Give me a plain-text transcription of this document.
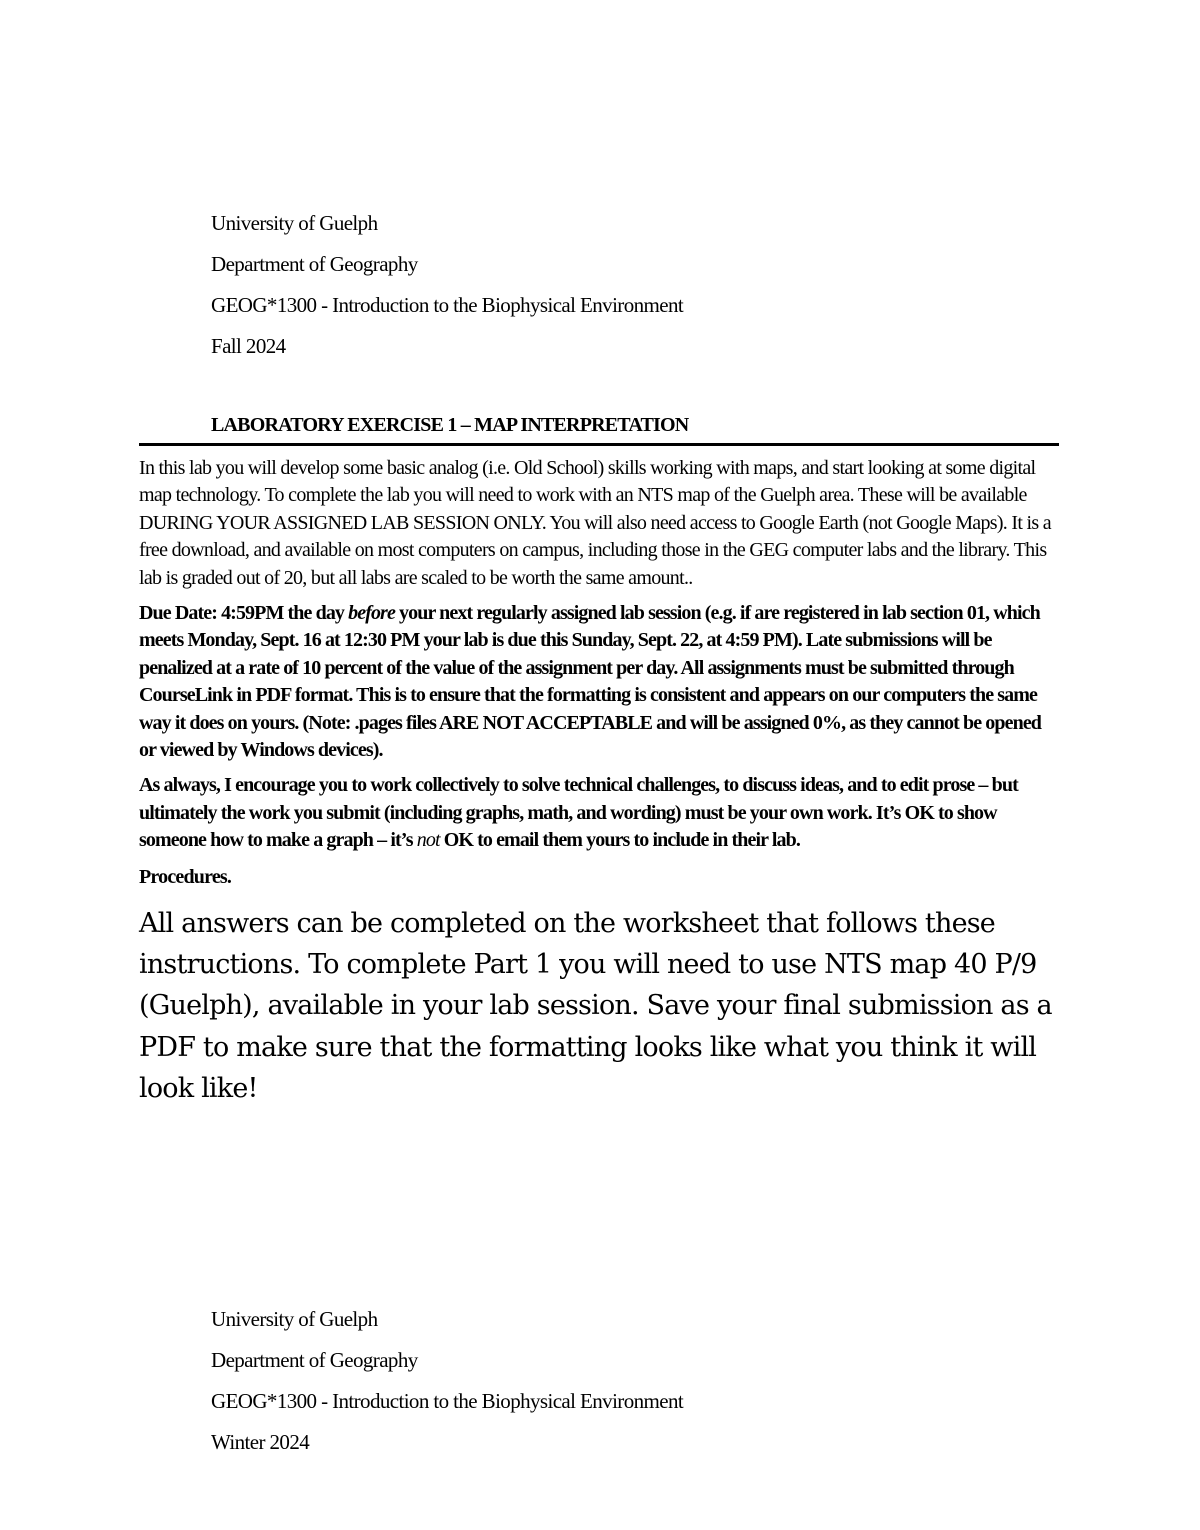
University of Guelph
Department of Geography
GEOG*1300 - Introduction to the Biophysical Environment
Fall 2024
LABORATORY EXERCISE 1 – MAP INTERPRETATION

In this lab you will develop some basic analog (i.e. Old School) skills working with maps, and start looking at some digital map technology. To complete the lab you will need to work with an NTS map of the Guelph area. These will be available DURING YOUR ASSIGNED LAB SESSION ONLY. You will also need access to Google Earth (not Google Maps). It is a free download, and available on most computers on campus, including those in the GEG computer labs and the library. This lab is graded out of 20, but all labs are scaled to be worth the same amount..

Due Date: 4:59PM the day before your next regularly assigned lab session (e.g. if are registered in lab section 01, which meets Monday, Sept. 16 at 12:30 PM your lab is due this Sunday, Sept. 22, at 4:59 PM). Late submissions will be penalized at a rate of 10 percent of the value of the assignment per day. All assignments must be submitted through CourseLink in PDF format. This is to ensure that the formatting is consistent and appears on our computers the same way it does on yours. (Note: .pages files ARE NOT ACCEPTABLE and will be assigned 0%, as they cannot be opened or viewed by Windows devices).

As always, I encourage you to work collectively to solve technical challenges, to discuss ideas, and to edit prose – but ultimately the work you submit (including graphs, math, and wording) must be your own work. It’s OK to show someone how to make a graph – it’s not OK to email them yours to include in their lab.

Procedures.

All answers can be completed on the worksheet that follows these instructions. To complete Part 1 you will need to use NTS map 40 P/9 (Guelph), available in your lab session. Save your final submission as a PDF to make sure that the formatting looks like what you think it will look like!

University of Guelph
Department of Geography
GEOG*1300 - Introduction to the Biophysical Environment
Winter 2024
